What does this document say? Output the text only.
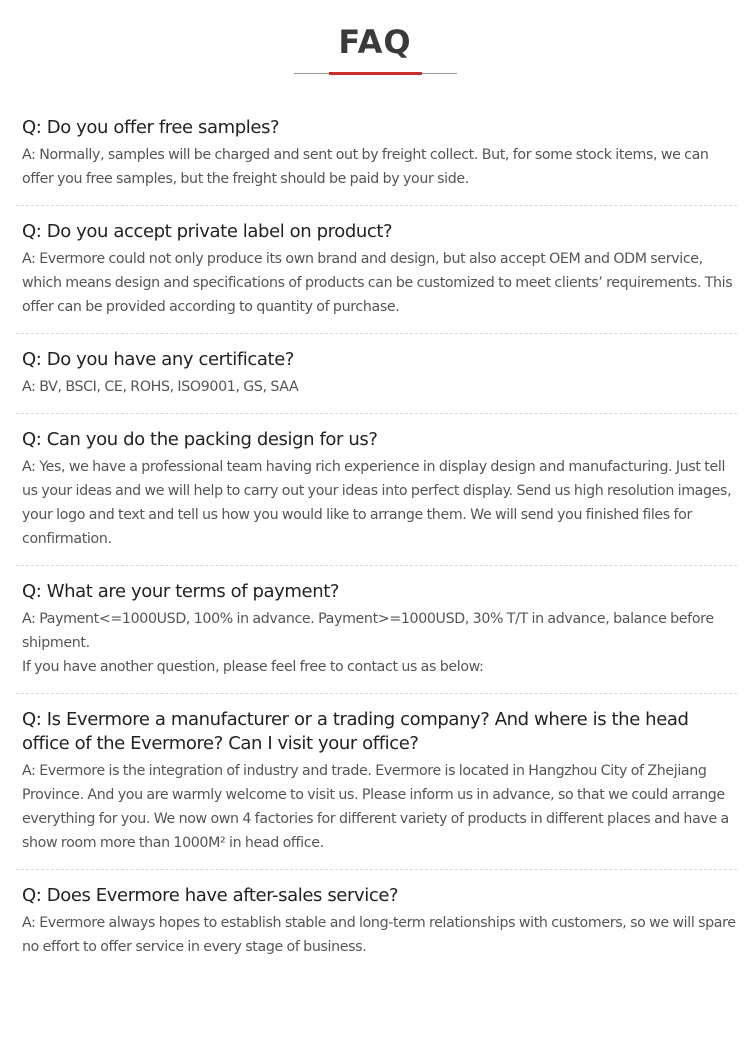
FAQ

Q: Do you offer free samples?

A: Normally, samples will be charged and sent out by freight collect. But, for some stock items, we can offer you free samples, but the freight should be paid by your side.

Q: Do you accept private label on product?

A: Evermore could not only produce its own brand and design, but also accept OEM and ODM service, which means design and specifications of products can be customized to meet clients’ requirements. This offer can be provided according to quantity of purchase.

Q: Do you have any certificate?

A: BV, BSCI, CE, ROHS, ISO9001, GS, SAA

Q: Can you do the packing design for us?

A: Yes, we have a professional team having rich experience in display design and manufacturing. Just tell us your ideas and we will help to carry out your ideas into perfect display. Send us high resolution images, your logo and text and tell us how you would like to arrange them. We will send you finished files for confirmation.

Q: What are your terms of payment?

A: Payment<=1000USD, 100% in advance. Payment>=1000USD, 30% T/T in advance, balance before shipment.

If you have another question, please feel free to contact us as below:

Q: Is Evermore a manufacturer or a trading company? And where is the head office of the Evermore? Can I visit your office?

A: Evermore is the integration of industry and trade. Evermore is located in Hangzhou City of Zhejiang Province. And you are warmly welcome to visit us. Please inform us in advance, so that we could arrange everything for you. We now own 4 factories for different variety of products in different places and have a show room more than 1000M² in head office.

Q: Does Evermore have after-sales service?

A: Evermore always hopes to establish stable and long-term relationships with customers, so we will spare no effort to offer service in every stage of business.
